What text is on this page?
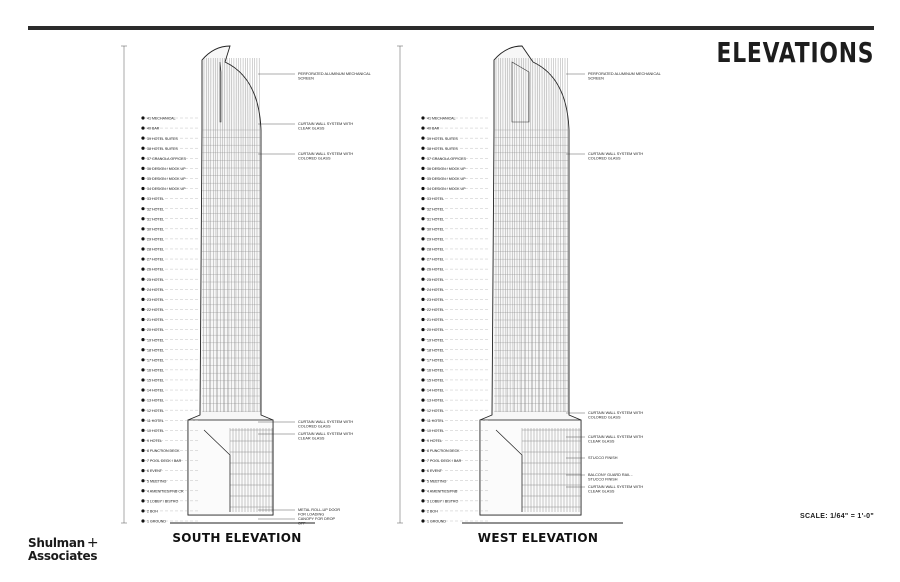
ELEVATIONS
41 MECHANICAL
40 BAR
39 HOTEL SUITES
38 HOTEL SUITES
37 GRANOLA OFFICES
36 DESIGN / MOCK UP
35 DESIGN / MOCK UP
34 DESIGN / MOCK UP
33 HOTEL
32 HOTEL
31 HOTEL
30 HOTEL
29 HOTEL
28 HOTEL
27 HOTEL
26 HOTEL
25 HOTEL
24 HOTEL
23 HOTEL
22 HOTEL
21 HOTEL
20 HOTEL
19 HOTEL
18 HOTEL
17 HOTEL
16 HOTEL
15 HOTEL
14 HOTEL
13 HOTEL
12 HOTEL
11 HOTEL
10 HOTEL
9 HOTEL
8 FUNCTION DECK
7 POOL DECK / BAR
6 EVENT
5 MEETING
4 AMENITIES/FNB CR
3 LOBBY / BISTRO
2 BOH
1 GROUND
PERFORATED ALUMINUM MECHANICAL
SCREEN
CURTAIN WALL SYSTEM WITH
CLEAR GLASS
CURTAIN WALL SYSTEM WITH
COLORED GLASS
CURTAIN WALL SYSTEM WITH
COLORED GLASS
CURTAIN WALL SYSTEM WITH
CLEAR GLASS
METAL ROLL-UP DOOR
FOR LOADING
CANOPY FOR DROP
OFF
41 MECHANICAL
40 BAR
39 HOTEL SUITES
38 HOTEL SUITES
37 GRANOLA OFFICES
36 DESIGN / MOCK UP
35 DESIGN / MOCK UP
34 DESIGN / MOCK UP
33 HOTEL
32 HOTEL
31 HOTEL
30 HOTEL
29 HOTEL
28 HOTEL
27 HOTEL
26 HOTEL
25 HOTEL
24 HOTEL
23 HOTEL
22 HOTEL
21 HOTEL
20 HOTEL
19 HOTEL
18 HOTEL
17 HOTEL
16 HOTEL
15 HOTEL
14 HOTEL
13 HOTEL
12 HOTEL
11 HOTEL
10 HOTEL
9 HOTEL
8 FUNCTION DECK
7 POOL DECK / BAR
6 EVENT
5 MEETING
4 AMENITIES/FNB
3 LOBBY / BISTRO
2 BOH
1 GROUND
PERFORATED ALUMINUM MECHANICAL
SCREEN
CURTAIN WALL SYSTEM WITH
COLORED GLASS
CURTAIN WALL SYSTEM WITH
COLORED GLASS
CURTAIN WALL SYSTEM WITH
CLEAR GLASS
STUCCO FINISH
BALCONY GUARD RAIL -
STUCCO FINISH
CURTAIN WALL SYSTEM WITH
CLEAR GLASS
SOUTH ELEVATION	WEST ELEVATION
SCALE: 1/64" = 1'-0"
Shulman +
Associates
